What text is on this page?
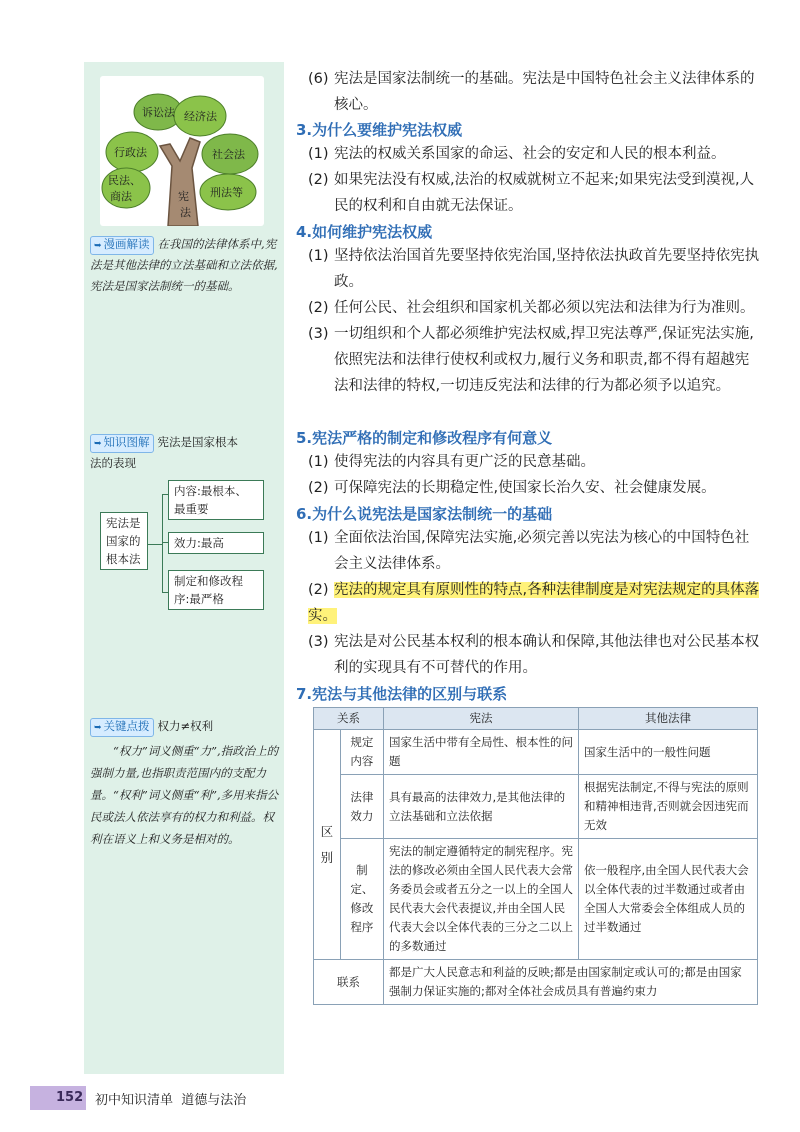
诉讼法 经济法
行政法	社会法
民法、
商法	宪
法
刑法等
➥ 漫画解读 在我国的法律体系中,宪法是其他法律的立法基础和立法依据,宪法是国家法制统一的基础。
➥ 知识图解 宪法是国家根本
法的表现
宪法是国家的根本法
内容:最根本、最重要
效力:最高
制定和修改程序:最严格
➥ 关键点拨 权力≠权利
“权力”词义侧重“力”,指政治上的强制力量,也指职责范围内的支配力量。“权利”词义侧重“利”,多用来指公民或法人依法享有的权力和利益。权利在语义上和义务是相对的。
(6) 宪法是国家法制统一的基础。宪法是中国特色社会主义法律体系的核心。
3.为什么要维护宪法权威
(1) 宪法的权威关系国家的命运、社会的安定和人民的根本利益。
(2) 如果宪法没有权威,法治的权威就树立不起来;如果宪法受到漠视,人民的权利和自由就无法保证。
4.如何维护宪法权威
(1) 坚持依法治国首先要坚持依宪治国,坚持依法执政首先要坚持依宪执政。
(2) 任何公民、社会组织和国家机关都必须以宪法和法律为行为准则。
(3) 一切组织和个人都必须维护宪法权威,捍卫宪法尊严,保证宪法实施,依照宪法和法律行使权利或权力,履行义务和职责,都不得有超越宪法和法律的特权,一切违反宪法和法律的行为都必须予以追究。
5.宪法严格的制定和修改程序有何意义
(1) 使得宪法的内容具有更广泛的民意基础。
(2) 可保障宪法的长期稳定性,使国家长治久安、社会健康发展。
6.为什么说宪法是国家法制统一的基础
(1) 全面依法治国,保障宪法实施,必须完善以宪法为核心的中国特色社会主义法律体系。
(2) 宪法的规定具有原则性的特点,各种法律制度是对宪法规定的具体落实。
(3) 宪法是对公民基本权利的根本确认和保障,其他法律也对公民基本权利的实现具有不可替代的作用。
7.宪法与其他法律的区别与联系
关系		宪法	其他法律

区别	规定内容	国家生活中带有全局性、根本性的问题	国家生活中的一般性问题
	法律效力	具有最高的法律效力,是其他法律的立法基础和立法依据	根据宪法制定,不得与宪法的原则和精神相违背,否则就会因违宪而无效
	制定、修改程序	宪法的制定遵循特定的制宪程序。宪法的修改必须由全国人民代表大会常务委员会或者五分之一以上的全国人民代表大会代表提议,并由全国人民代表大会以全体代表的三分之二以上的多数通过	依一般程序,由全国人民代表大会以全体代表的过半数通过或者由全国人大常委会全体组成人员的过半数通过
联系		都是广大人民意志和利益的反映;都是由国家制定或认可的;都是由国家强制力保证实施的;都对全体社会成员具有普遍约束力	
152 初中知识清单 道德与法治
